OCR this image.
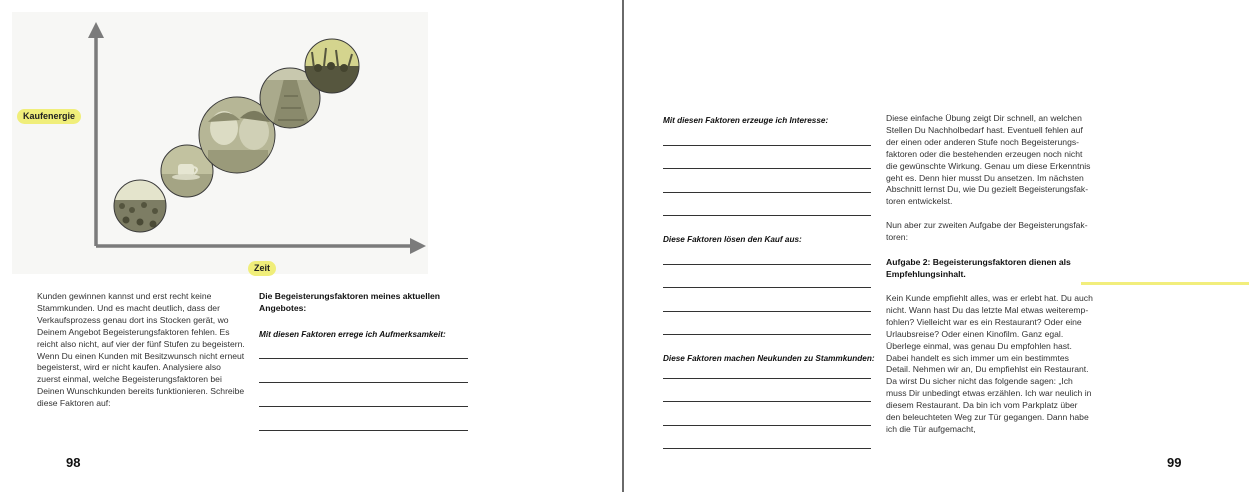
Kaufenergie
Zeit

Kunden gewinnen kannst und erst recht keine Stammkunden. Und es macht deutlich, dass der Verkaufsprozess genau dort ins Stocken gerät, wo Deinem Angebot Begeisterungsfaktoren fehlen. Es reicht also nicht, auf vier der fünf Stufen zu begeistern. Wenn Du einen Kunden mit Besitzwunsch nicht erneut begeisterst, wird er nicht kaufen. Analysiere also zuerst einmal, welche Begeisterungsfaktoren bei Deinen Wunschkunden bereits funktionieren. Schreibe diese Faktoren auf:

Die Begeisterungsfaktoren meines aktuellen Angebotes:

Mit diesen Faktoren errege ich Aufmerksamkeit:

98

Mit diesen Faktoren erzeuge ich Interesse:

Diese Faktoren lösen den Kauf aus:

Diese Faktoren machen Neukunden zu Stammkunden:

Diese einfache Übung zeigt Dir schnell, an welchen Stellen Du Nachholbedarf hast. Eventuell fehlen auf der einen oder anderen Stufe noch Begeisterungs-faktoren oder die bestehenden erzeugen noch nicht die gewünschte Wirkung. Genau um diese Erkenntnis geht es. Denn hier musst Du ansetzen. Im nächsten Abschnitt lernst Du, wie Du gezielt Begeisterungsfak-toren entwickelst.

Nun aber zur zweiten Aufgabe der Begeisterungsfak-toren:

Aufgabe 2: Begeisterungsfaktoren dienen als Empfehlungsinhalt.

Kein Kunde empfiehlt alles, was er erlebt hat. Du auch nicht. Wann hast Du das letzte Mal etwas weiteremp-fohlen? Vielleicht war es ein Restaurant? Oder eine Urlaubsreise? Oder einen Kinofilm. Ganz egal. Überlege einmal, was genau Du empfohlen hast. Dabei handelt es sich immer um ein bestimmtes Detail. Nehmen wir an, Du empfiehlst ein Restaurant. Da wirst Du sicher nicht das folgende sagen: „Ich muss Dir unbedingt etwas erzählen. Ich war neulich in diesem Restaurant. Da bin ich vom Parkplatz über den beleuchteten Weg zur Tür gegangen. Dann habe ich die Tür aufgemacht,

99
